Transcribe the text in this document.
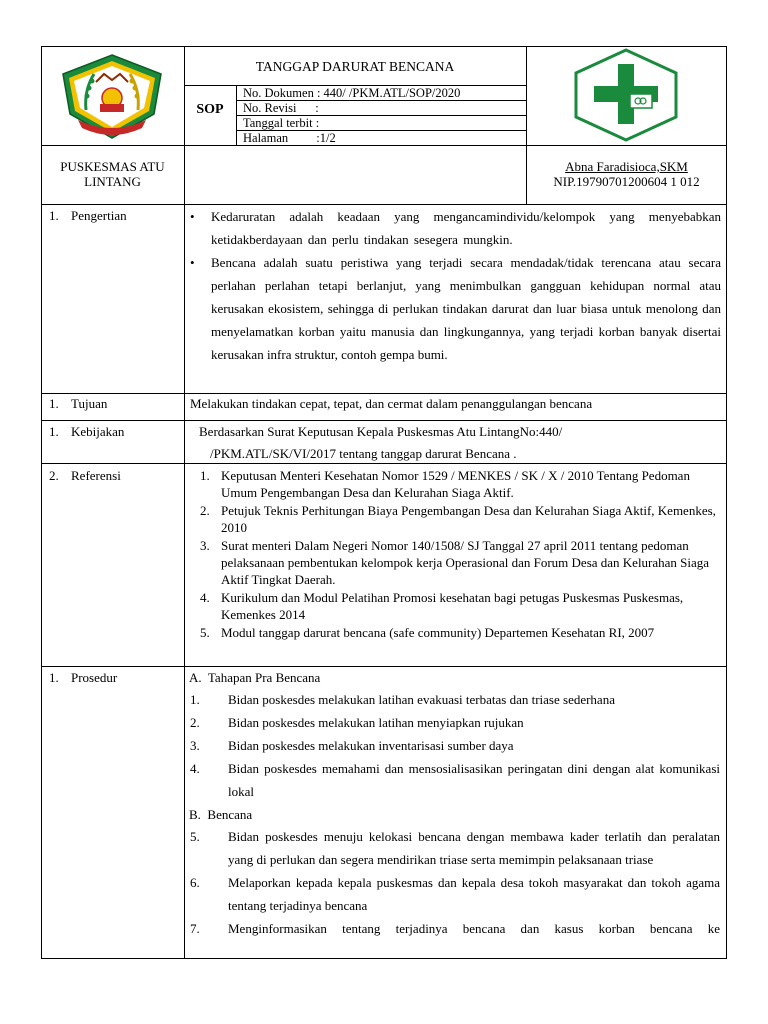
TANGGAP DARURAT BENCANA
SOP
No. Dokumen : 440/ /PKM.ATL/SOP/2020
No. Revisi      :
Tanggal terbit :
Halaman         :1/2
PUSKESMAS ATU
LINTANG
Abna Faradisioca,SKM
NIP.19790701200604 1 012
1. Pengertian
•	Kedaruratan adalah keadaan yang mengancamindividu/kelompok yang menyebabkan ketidakberdayaan dan perlu tindakan sesegera mungkin.
• Bencana adalah suatu peristiwa yang terjadi secara mendadak/tidak terencana atau secara perlahan perlahan tetapi berlanjut, yang menimbulkan gangguan kehidupan normal atau kerusakan ekosistem, sehingga di perlukan tindakan darurat dan luar biasa untuk menolong dan menyelamatkan korban yaitu manusia dan lingkungannya, yang terjadi korban banyak disertai kerusakan infra struktur, contoh gempa bumi.
1. Tujuan	Melakukan tindakan cepat, tepat, dan cermat dalam penanggulangan bencana
1. Kebijakan	Berdasarkan Surat Keputusan Kepala Puskesmas Atu LintangNo:440/
/PKM.ATL/SK/VI/2017 tentang tanggap darurat Bencana .
2. Referensi	1. Keputusan Menteri Kesehatan Nomor 1529 / MENKES / SK / X / 2010 Tentang Pedoman Umum Pengembangan Desa dan Kelurahan Siaga Aktif.
2. Petujuk Teknis Perhitungan Biaya Pengembangan Desa dan Kelurahan Siaga Aktif, Kemenkes, 2010
3. Surat menteri Dalam Negeri Nomor 140/1508/ SJ Tanggal 27 april 2011 tentang pedoman pelaksanaan pembentukan kelompok kerja Operasional dan Forum Desa dan Kelurahan Siaga Aktif Tingkat Daerah.
4. Kurikulum dan Modul Pelatihan Promosi kesehatan bagi petugas Puskesmas Puskesmas, Kemenkes 2014
5. Modul tanggap darurat bencana (safe community) Departemen Kesehatan RI, 2007
1. Prosedur	A.  Tahapan Pra Bencana
1. Bidan poskesdes melakukan latihan evakuasi terbatas dan triase sederhana
2. Bidan poskesdes melakukan latihan menyiapkan rujukan
3. Bidan poskesdes melakukan inventarisasi sumber daya
4. Bidan poskesdes memahami dan mensosialisasikan peringatan dini dengan alat komunikasi lokal
B.  Bencana
5. Bidan poskesdes menuju kelokasi bencana dengan membawa kader terlatih dan peralatan yang di perlukan dan segera mendirikan triase serta memimpin pelaksanaan triase
6. Melaporkan kepada kepala puskesmas dan kepala desa tokoh masyarakat dan tokoh agama tentang terjadinya bencana
7. Menginformasikan tentang terjadinya bencana dan kasus korban bencana ke
